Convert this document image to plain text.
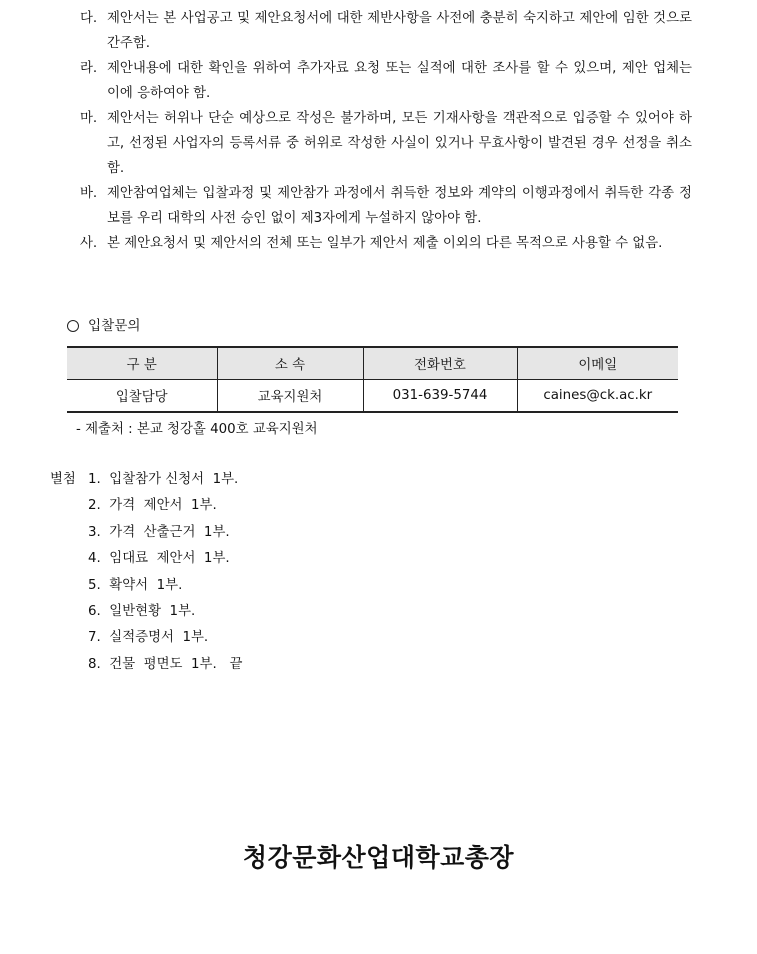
다. 제안서는 본 사업공고 및 제안요청서에 대한 제반사항을 사전에 충분히 숙지하고 제안에 임한 것으로 간주함.
라. 제안내용에 대한 확인을 위하여 추가자료 요청 또는 실적에 대한 조사를 할 수 있으며, 제안 업체는 이에 응하여야 함.
마. 제안서는 허위나 단순 예상으로 작성은 불가하며, 모든 기재사항을 객관적으로 입증할 수 있어야 하고, 선정된 사업자의 등록서류 중 허위로 작성한 사실이 있거나 무효사항이 발견된 경우 선정을 취소함.
바. 제안참여업체는 입찰과정 및 제안참가 과정에서 취득한 정보와 계약의 이행과정에서 취득한 각종 정보를 우리 대학의 사전 승인 없이 제3자에게 누설하지 않아야 함.
사. 본 제안요청서 및 제안서의 전체 또는 일부가 제안서 제출 이외의 다른 목적으로 사용할 수 없음.
입찰문의
구 분	소 속	전화번호	이메일
입찰담당	교육지원처	031-639-5744	caines@ck.ac.kr
- 제출처 : 본교 청강홀 400호 교육지원처
별첨 1.  입찰참가 신청서  1부.
2.  가격  제안서  1부.
3.  가격  산출근거  1부.
4.  임대료  제안서  1부.
5.  확약서  1부.
6.  일반현황  1부.
7.  실적증명서  1부.
8.  건물  평면도  1부.   끝
청강문화산업대학교총장
